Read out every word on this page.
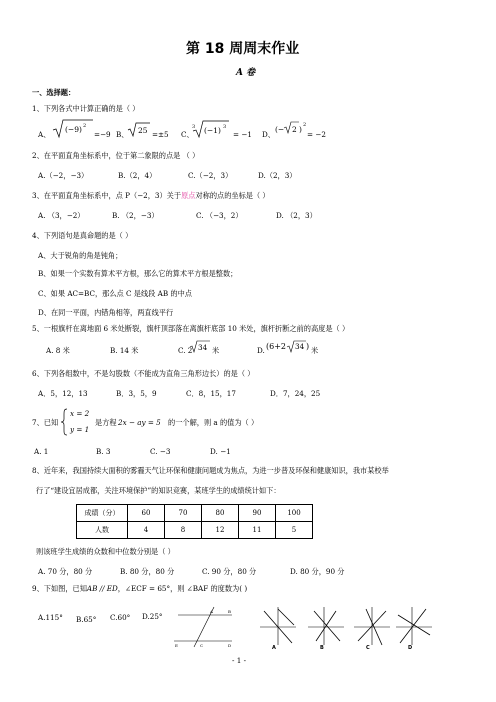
第 18 周周末作业
A 卷
一、选择题：
1、下列各式中计算正确的是（ ）
A、
(−9) 2
=−9 B、 25 =±5 C、
3 (−1) 3
= −1 D、
(− 2 ) 2
= −2
2、在平面直角坐标系中，位于第二象限的点是 （ ）
A.（−2，−3）	B.（2，4）	C.（−2，3）	D.（2，3）
3、在平面直角坐标系中，点 P（−2，3）关于原点对称的点的坐标是（ ）
A. （3，−2）	B. （2，−3）	C. （−3，2）	D. （2，3）
4、下列语句是真命题的是（ ）
A、大于锐角的角是钝角；
B、如果一个实数有算术平方根，那么它的算术平方根是整数；
C、如果 AC=BC，那么点 C 是线段 AB 的中点
D、在同一平面，内错角相等，两直线平行
5、一根旗杆在离地面 6 米处断裂，旗杆顶部落在离旗杆底部 10 米处，旗杆折断之前的高度是（ ）
A. 8 米	B. 14 米	C. 2 34 米	D. (6+2 34 ) 米
6、下列各组数中，不是勾股数（不能成为直角三角形边长）的是（ ）
A．5，12，13	B．3，5，9	C．8，15，17	D．7，24，25
7、已知
x = 2
y = 1
是方程 2x − ay = 5 的一个解，则 a 的值为（ ）
A. 1	B. 3	C. −3	D. −1
8、近年来，我国持续大面积的雾霾天气让环保和健康问题成为焦点，为进一步普及环保和健康知识，我市某校举
行了“建设宜居成都，关注环境保护”的知识竞赛，某班学生的成绩统计如下：
成绩（分）	60	70	80	90	100
人数	4	8	12	11	5
则该班学生成绩的众数和中位数分别是（ ）
A. 70 分，80 分	B. 80 分，80 分	C. 90 分，80 分	D. 80 分，90 分
9、下如图，已知AB // ED，∠ECF = 65°，则 ∠BAF 的度数为( )
A.115° B.65° C.60° D.25°
E	C	D
A	B
A	B	C	D
- 1 -
